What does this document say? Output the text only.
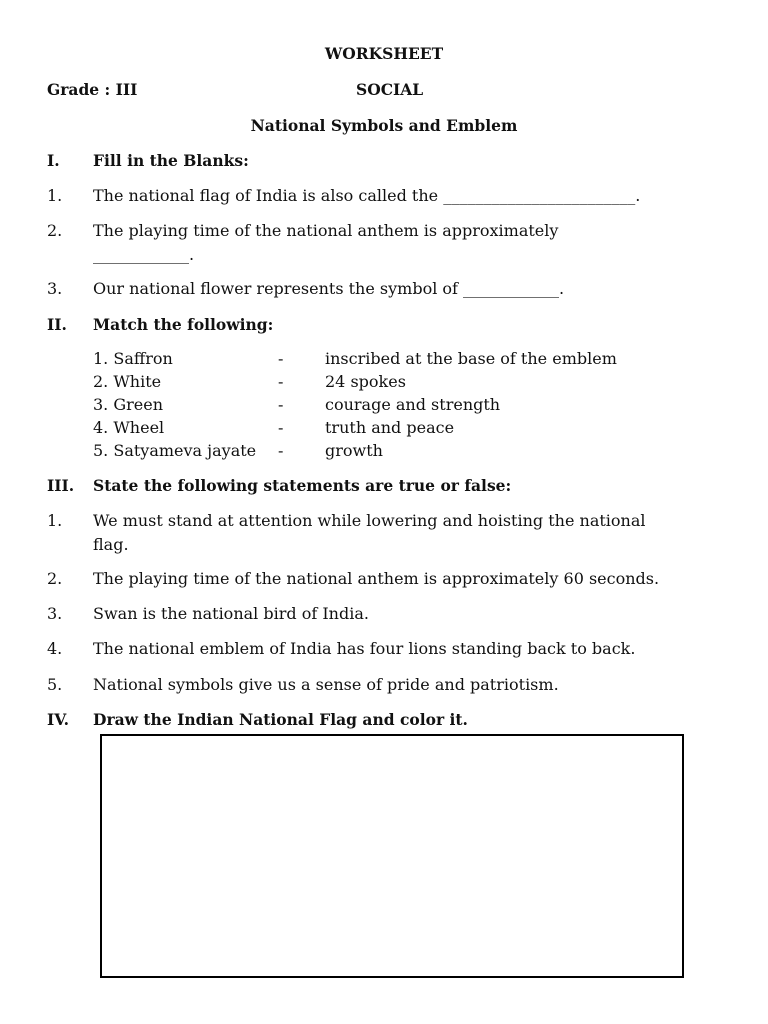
WORKSHEET
Grade : III	SOCIAL
National Symbols and Emblem
I. Fill in the Blanks:
1. The national flag of India is also called the ________________________.
2. The playing time of the national anthem is approximately
____________.
3. Our national flower represents the symbol of ____________.
II. Match the following:
1. Saffron	-	inscribed at the base of the emblem
2. White	-	24 spokes
3. Green	-	courage and strength
4. Wheel	-	truth and peace
5. Satyameva jayate -	growth
III. State the following statements are true or false:
1. We must stand at attention while lowering and hoisting the national
flag.
2. The playing time of the national anthem is approximately 60 seconds.
3. Swan is the national bird of India.
4. The national emblem of India has four lions standing back to back.
5. National symbols give us a sense of pride and patriotism.
IV. Draw the Indian National Flag and color it.
